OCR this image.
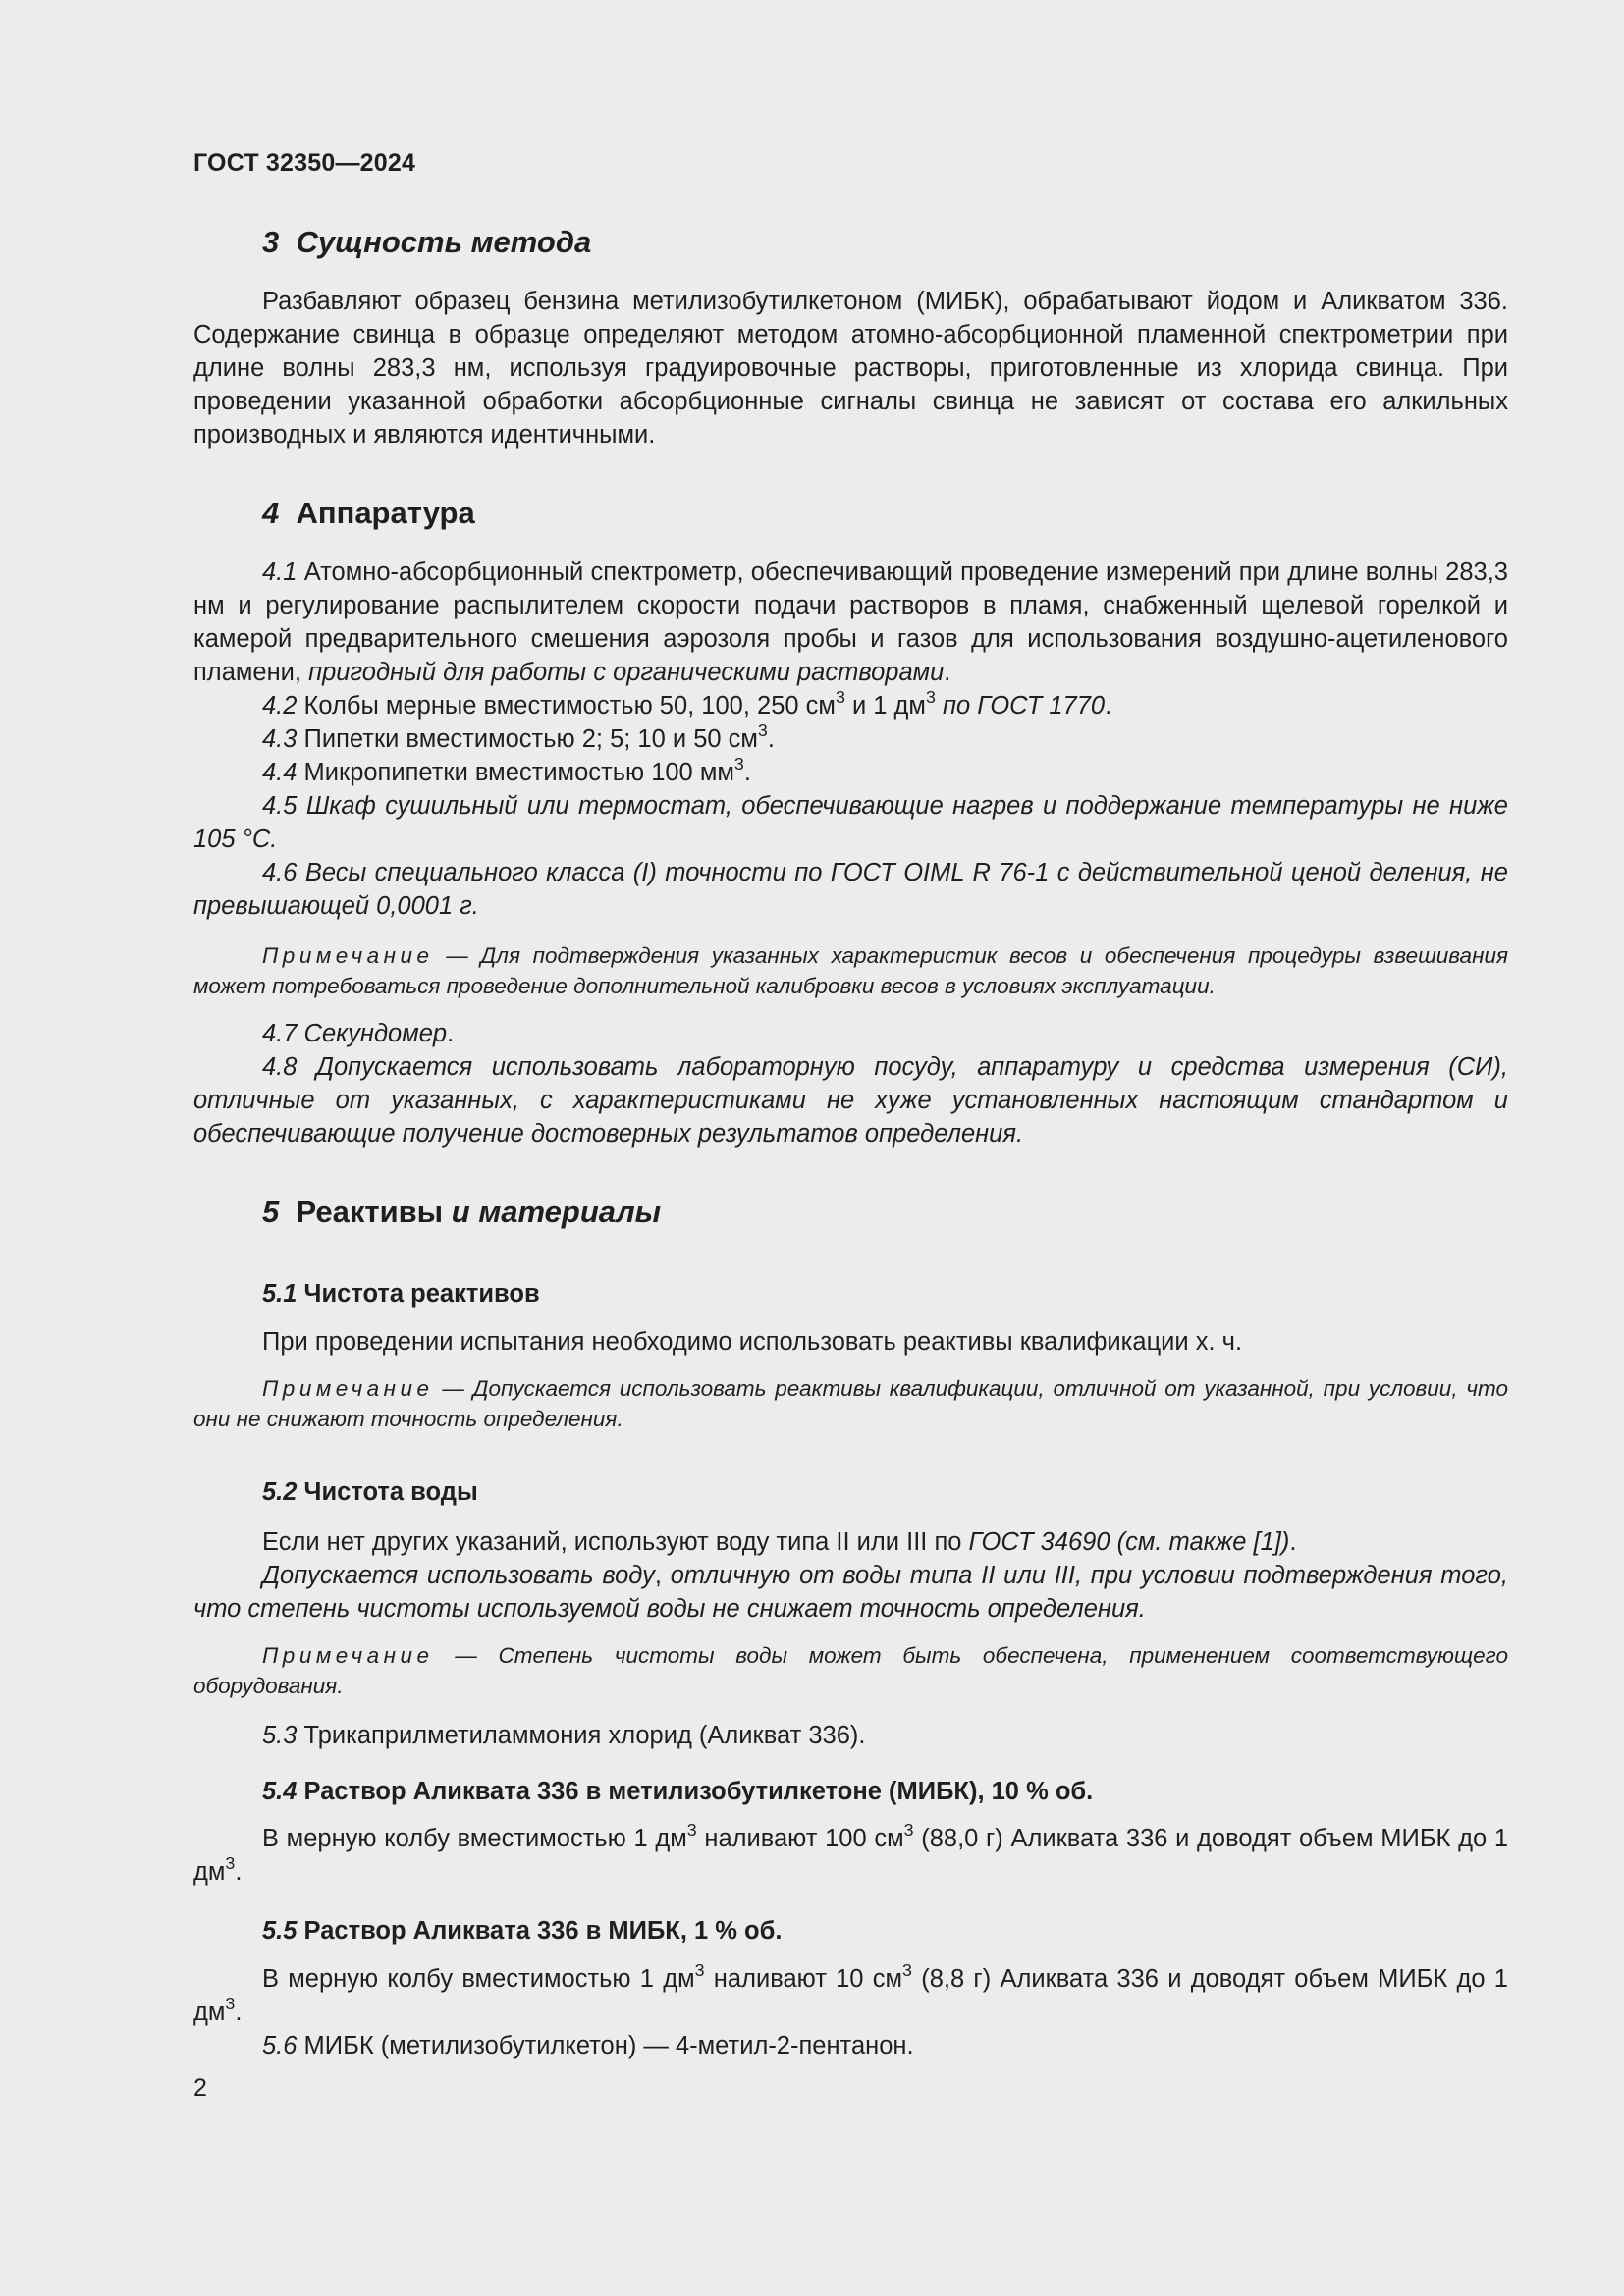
ГОСТ 32350—2024
3 Сущность метода

Разбавляют образец бензина метилизобутилкетоном (МИБК), обрабатывают йодом и Аликватом 336. Содержание свинца в образце определяют методом атомно-абсорбционной пламенной спектрометрии при длине волны 283,3 нм, используя градуировочные растворы, приготовленные из хлорида свинца. При проведении указанной обработки абсорбционные сигналы свинца не зависят от состава его алкильных производных и являются идентичными.

4 Аппаратура

4.1 Атомно-абсорбционный спектрометр, обеспечивающий проведение измерений при длине волны 283,3 нм и регулирование распылителем скорости подачи растворов в пламя, снабженный щелевой горелкой и камерой предварительного смешения аэрозоля пробы и газов для использования воздушно-ацетиленового пламени, пригодный для работы с органическими растворами.

4.2 Колбы мерные вместимостью 50, 100, 250 $см^3$ и 1 $дм^3$ по ГОСТ 1770.

4.3 Пипетки вместимостью 2; 5; 10 и 50 $см^3$.

4.4 Микропипетки вместимостью 100 $мм^3$.

4.5 Шкаф сушильный или термостат, обеспечивающие нагрев и поддержание температуры не ниже 105 °С.

4.6 Весы специального класса (I) точности по ГОСТ OIML R 76-1 с действительной ценой деления, не превышающей 0,0001 г.

Примечание — Для подтверждения указанных характеристик весов и обеспечения процедуры взвешивания может потребоваться проведение дополнительной калибровки весов в условиях эксплуатации.

4.7 Секундомер.

4.8 Допускается использовать лабораторную посуду, аппаратуру и средства измерения (СИ), отличные от указанных, с характеристиками не хуже установленных настоящим стандартом и обеспечивающие получение достоверных результатов определения.

5 Реактивы и материалы
5.1 Чистота реактивов

При проведении испытания необходимо использовать реактивы квалификации х. ч.

Примечание — Допускается использовать реактивы квалификации, отличной от указанной, при условии, что они не снижают точность определения.

5.2 Чистота воды

Если нет других указаний, используют воду типа II или III по ГОСТ 34690 (см. также [1]).

Допускается использовать воду, отличную от воды типа II или III, при условии подтверждения того, что степень чистоты используемой воды не снижает точность определения.

Примечание — Степень чистоты воды может быть обеспечена, применением соответствующего оборудования.

5.3 Трикаприлметиламмония хлорид (Аликват 336).

5.4 Раствор Аликвата 336 в метилизобутилкетоне (МИБК), 10 % об.

В мерную колбу вместимостью 1 $дм^3$ наливают 100 $см^3$ (88,0 г) Аликвата 336 и доводят объем МИБК до 1 $дм^3$.

5.5 Раствор Аликвата 336 в МИБК, 1 % об.

В мерную колбу вместимостью 1 $дм^3$ наливают 10 $см^3$ (8,8 г) Аликвата 336 и доводят объем МИБК до 1 $дм^3$.

5.6 МИБК (метилизобутилкетон) — 4-метил-2-пентанон.

2
